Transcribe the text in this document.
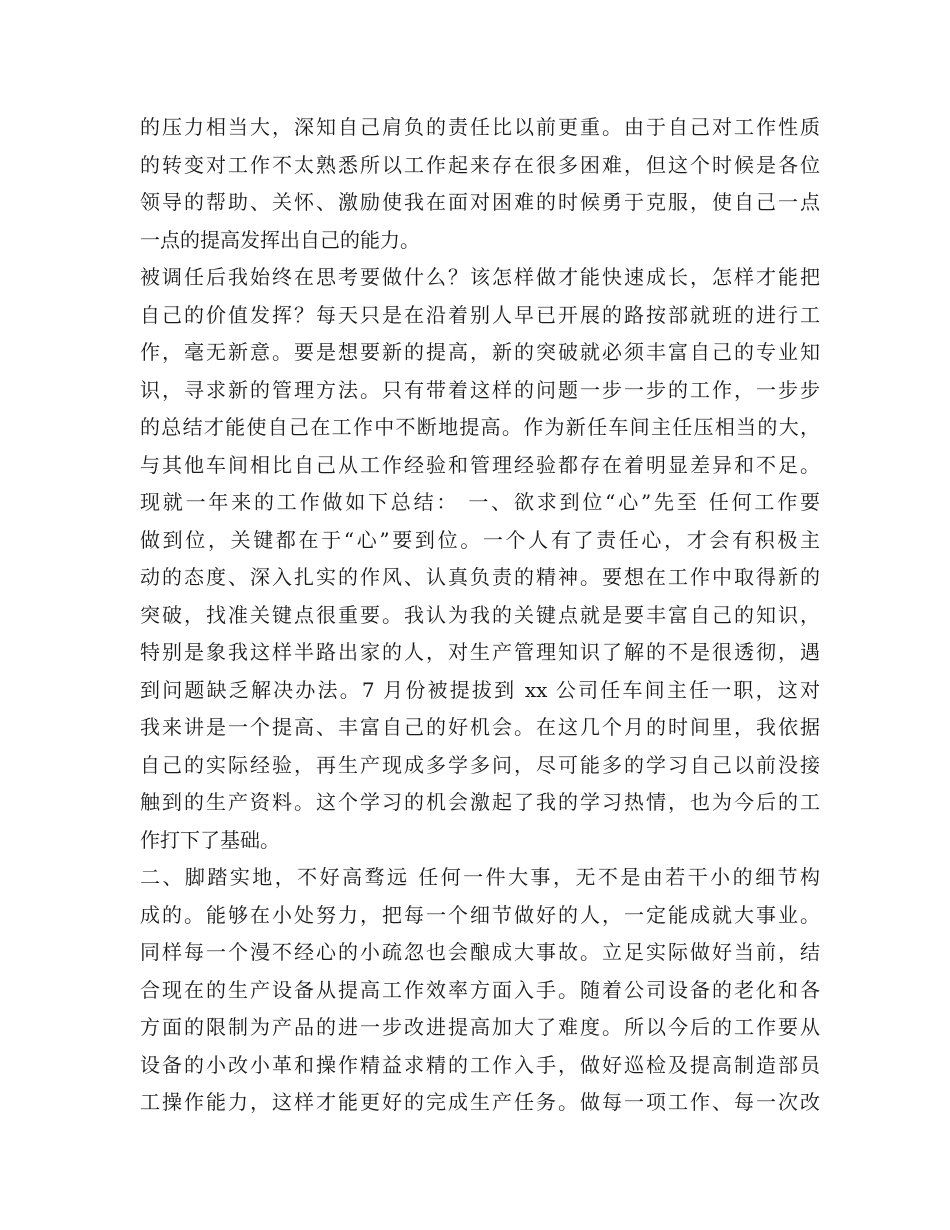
的压力相当大，深知自己肩负的责任比以前更重。由于自己对工作性质
的转变对工作不太熟悉所以工作起来存在很多困难，但这个时候是各位
领导的帮助、关怀、激励使我在面对困难的时候勇于克服，使自己一点
一点的提高发挥出自己的能力。
被调任后我始终在思考要做什么？该怎样做才能快速成长，怎样才能把
自己的价值发挥？每天只是在沿着别人早已开展的路按部就班的进行工
作，毫无新意。要是想要新的提高，新的突破就必须丰富自己的专业知
识，寻求新的管理方法。只有带着这样的问题一步一步的工作，一步步
的总结才能使自己在工作中不断地提高。作为新任车间主任压相当的大，
与其他车间相比自己从工作经验和管理经验都存在着明显差异和不足。
现就一年来的工作做如下总结： 一、欲求到位“心”先至 任何工作要
做到位，关键都在于“心”要到位。一个人有了责任心，才会有积极主
动的态度、深入扎实的作风、认真负责的精神。要想在工作中取得新的
突破，找准关键点很重要。我认为我的关键点就是要丰富自己的知识，
特别是象我这样半路出家的人，对生产管理知识了解的不是很透彻，遇
到问题缺乏解决办法。7 月份被提拔到 xx 公司任车间主任一职，这对
我来讲是一个提高、丰富自己的好机会。在这几个月的时间里，我依据
自己的实际经验，再生产现成多学多问，尽可能多的学习自己以前没接
触到的生产资料。这个学习的机会激起了我的学习热情，也为今后的工
作打下了基础。
二、脚踏实地，不好高骛远 任何一件大事，无不是由若干小的细节构
成的。能够在小处努力，把每一个细节做好的人，一定能成就大事业。
同样每一个漫不经心的小疏忽也会酿成大事故。立足实际做好当前，结
合现在的生产设备从提高工作效率方面入手。随着公司设备的老化和各
方面的限制为产品的进一步改进提高加大了难度。所以今后的工作要从
设备的小改小革和操作精益求精的工作入手，做好巡检及提高制造部员
工操作能力，这样才能更好的完成生产任务。做每一项工作、每一次改
